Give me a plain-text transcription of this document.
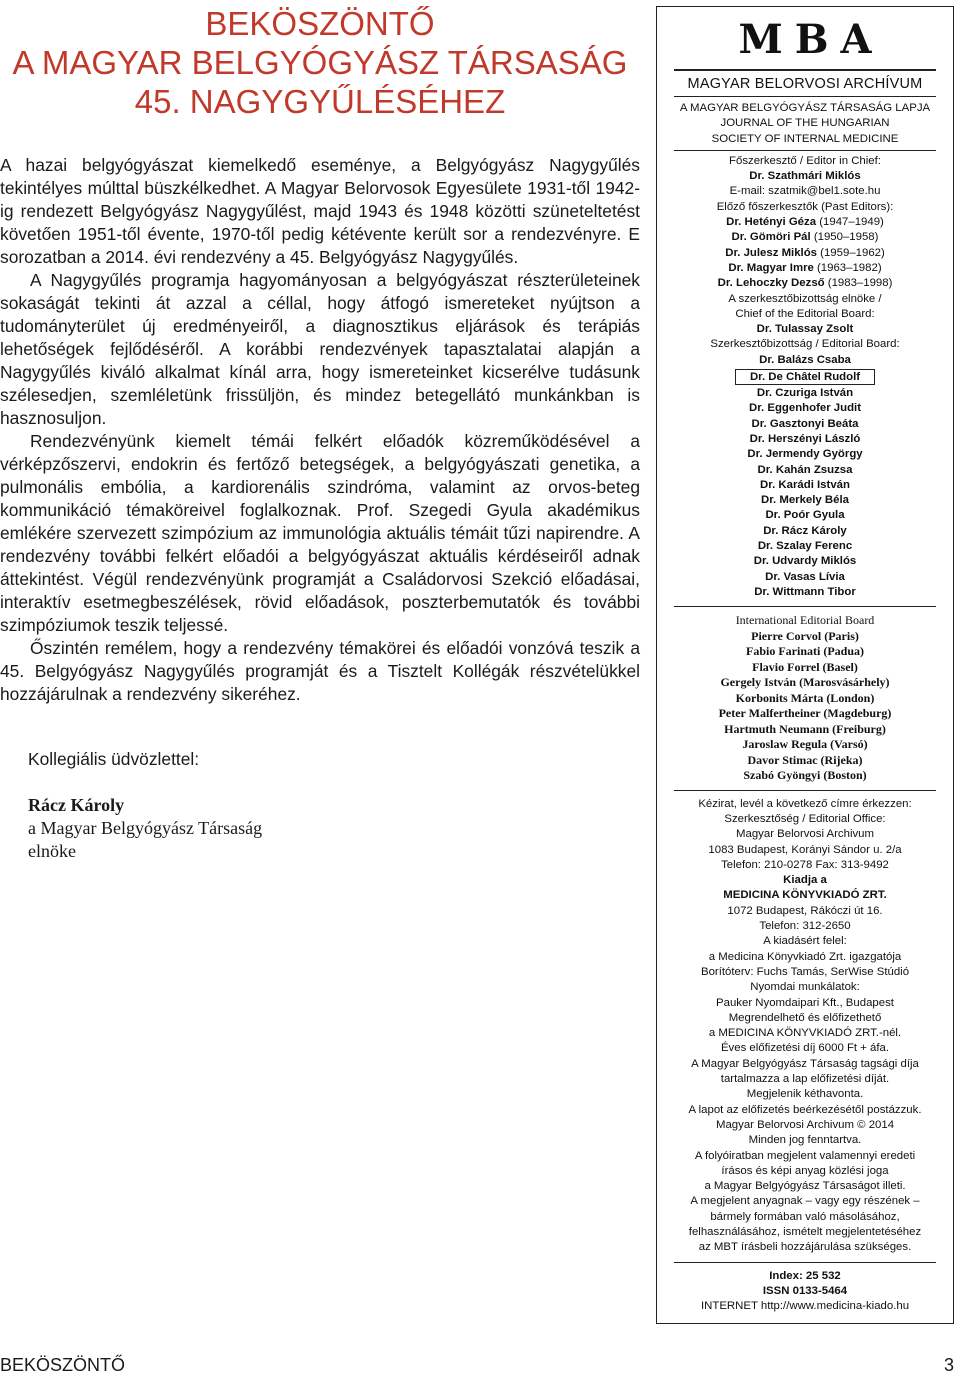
BEKÖSZÖNTŐ
A MAGYAR BELGYÓGYÁSZ TÁRSASÁG
45. NAGYGYŰLÉSÉHEZ

A hazai belgyógyászat kiemelkedő eseménye, a Belgyógyász Nagygyűlés tekintélyes múlttal büszkélkedhet. A Magyar Belorvosok Egyesülete 1931-től 1942-ig rendezett Belgyógyász Nagygyűlést, majd 1943 és 1948 közötti szüneteltetést követően 1951-től évente, 1970-től pedig kétévente került sor a rendezvényre. E sorozatban a 2014. évi rendezvény a 45. Belgyógyász Nagygyűlés.

A Nagygyűlés programja hagyományosan a belgyógyászat részterületeinek sokaságát tekinti át azzal a céllal, hogy átfogó ismereteket nyújtson a tudományterület új eredményeiről, a diagnosztikus eljárások és terápiás lehetőségek fejlődéséről. A korábbi rendezvények tapasztalatai alapján a Nagygyűlés kiváló alkalmat kínál arra, hogy ismereteinket kicserélve tudásunk szélesedjen, szemléletünk frissüljön, és mindez betegellátó munkánkban is hasznosuljon.

Rendezvényünk kiemelt témái felkért előadók közreműködésével a vérképzőszervi, endokrin és fertőző betegségek, a belgyógyászati genetika, a pulmonális embólia, a kardiorenális szindróma, valamint az orvos-beteg kommunikáció témaköreivel foglalkoznak. Prof. Szegedi Gyula akadémikus emlékére szervezett szimpózium az immunológia aktuális témáit tűzi napirendre. A rendezvény további felkért előadói a belgyógyászat aktuális kérdéseiről adnak áttekintést. Végül rendezvényünk programját a Családorvosi Szekció előadásai, interaktív esetmegbeszélések, rövid előadások, poszterbemutatók és további szimpóziumok teszik teljessé.

Őszintén remélem, hogy a rendezvény témakörei és előadói vonzóvá teszik a 45. Belgyógyász Nagygyűlés programját és a Tisztelt Kollégák részvételükkel hozzájárulnak a rendezvény sikeréhez.

Kollegiális üdvözlettel:
Rácz Károly
a Magyar Belgyógyász Társaság
elnöke
MBA
MAGYAR BELORVOSI ARCHÍVUM
A MAGYAR BELGYÓGYÁSZ TÁRSASÁG LAPJA
JOURNAL OF THE HUNGARIAN
SOCIETY OF INTERNAL MEDICINE
Főszerkesztő / Editor in Chief:
Dr. Szathmári Miklós
E-mail: szatmik@bel1.sote.hu
Előző főszerkesztők (Past Editors):
Dr. Hetényi Géza (1947–1949)
Dr. Gömöri Pál (1950–1958)
Dr. Julesz Miklós (1959–1962)
Dr. Magyar Imre (1963–1982)
Dr. Lehoczky Dezső (1983–1998)
A szerkesztőbizottság elnöke /
Chief of the Editorial Board:
Dr. Tulassay Zsolt
Szerkesztőbizottság / Editorial Board:
Dr. Balázs Csaba
Dr. De Châtel Rudolf
Dr. Czuriga István
Dr. Eggenhofer Judit
Dr. Gasztonyi Beáta
Dr. Herszényi László
Dr. Jermendy György
Dr. Kahán Zsuzsa
Dr. Karádi István
Dr. Merkely Béla
Dr. Poór Gyula
Dr. Rácz Károly
Dr. Szalay Ferenc
Dr. Udvardy Miklós
Dr. Vasas Lívia
Dr. Wittmann Tibor
International Editorial Board
Pierre Corvol (Paris)
Fabio Farinati (Padua)
Flavio Forrel (Basel)
Gergely István (Marosvásárhely)
Korbonits Márta (London)
Peter Malfertheiner (Magdeburg)
Hartmuth Neumann (Freiburg)
Jaroslaw Regula (Varsó)
Davor Stimac (Rijeka)
Szabó Gyöngyi (Boston)
Kézirat, levél a következő címre érkezzen:
Szerkesztőség / Editorial Office:
Magyar Belorvosi Archivum
1083 Budapest, Korányi Sándor u. 2/a
Telefon: 210-0278 Fax: 313-9492
Kiadja a
MEDICINA KÖNYVKIADÓ ZRT.
1072 Budapest, Rákóczi út 16.
Telefon: 312-2650
A kiadásért felel:
a Medicina Könyvkiadó Zrt. igazgatója
Borítóterv: Fuchs Tamás, SerWise Stúdió
Nyomdai munkálatok:
Pauker Nyomdaipari Kft., Budapest
Megrendelhető és előfizethető
a MEDICINA KÖNYVKIADÓ ZRT.-nél.
Éves előfizetési díj 6000 Ft + áfa.
A Magyar Belgyógyász Társaság tagsági díja
tartalmazza a lap előfizetési díját.
Megjelenik kéthavonta.
A lapot az előfizetés beérkezésétől postázzuk.
Magyar Belorvosi Archivum © 2014
Minden jog fenntartva.
A folyóiratban megjelent valamennyi eredeti
írásos és képi anyag közlési joga
a Magyar Belgyógyász Társaságot illeti.
A megjelent anyagnak – vagy egy részének –
bármely formában való másolásához,
felhasználásához, ismételt megjelentetéséhez
az MBT írásbeli hozzájárulása szükséges.
Index: 25 532
ISSN 0133-5464
INTERNET http://www.medicina-kiado.hu
BEKÖSZÖNTŐ	3
